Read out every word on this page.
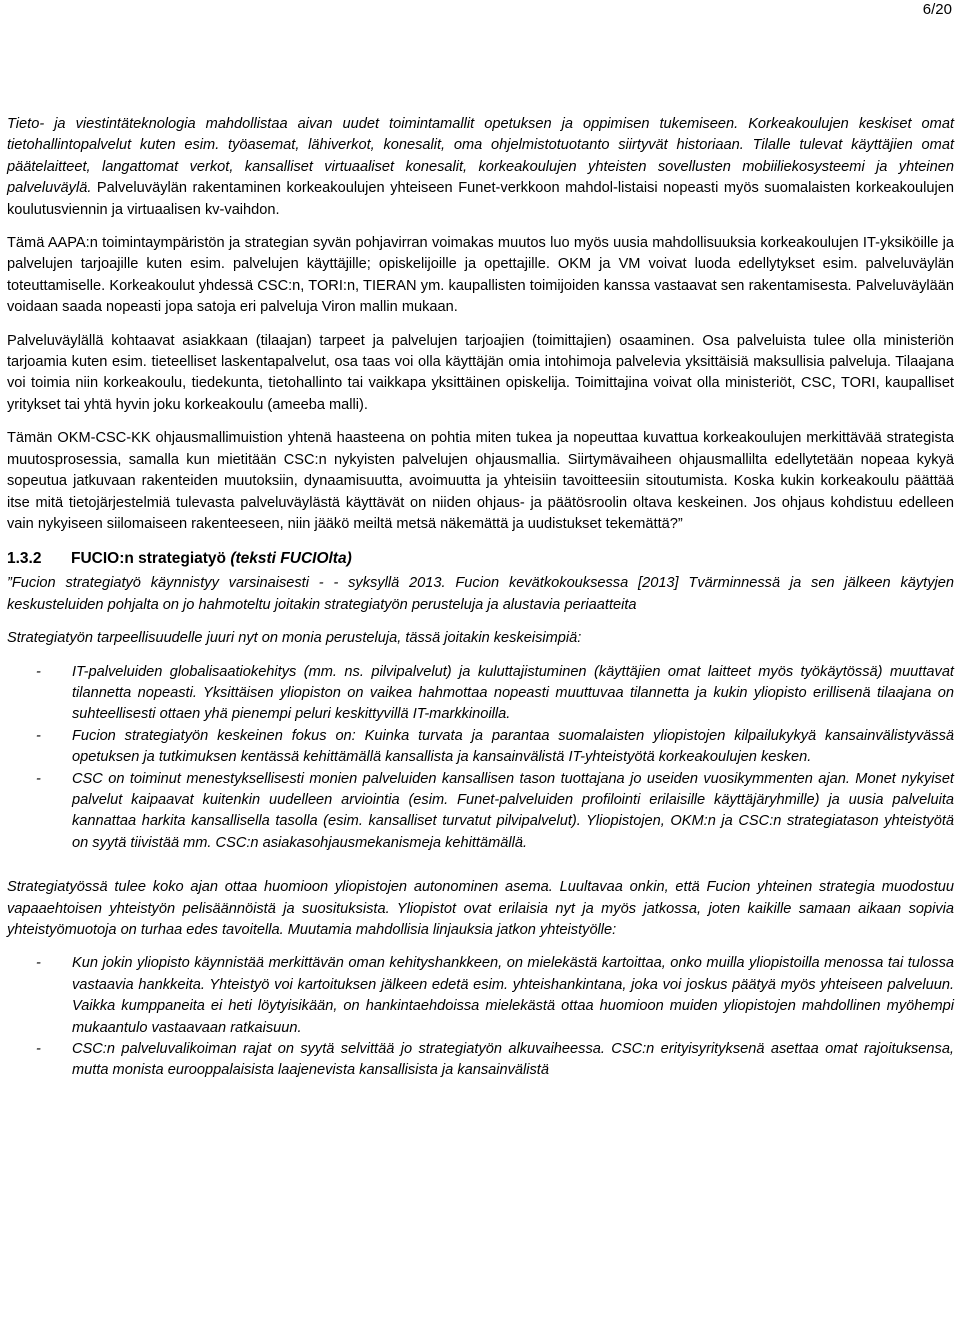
6/20

Tieto- ja viestintäteknologia mahdollistaa aivan uudet toimintamallit opetuksen ja oppimisen tukemiseen. Korkeakoulujen keskiset omat tietohallintopalvelut kuten esim. työasemat, lähiverkot, konesalit, oma ohjelmistotuotanto siirtyvät historiaan. Tilalle tulevat käyttäjien omat päätelaitteet, langattomat verkot, kansalliset virtuaaliset konesalit, korkeakoulujen yhteisten sovellusten mobiiliekosysteemi ja yhteinen palveluväylä. Palveluväylän rakentaminen korkeakoulujen yhteiseen Funet-verkkoon mahdol-listaisi nopeasti myös suomalaisten korkeakoulujen koulutusviennin ja virtuaalisen kv-vaihdon.

Tämä AAPA:n toimintaympäristön ja strategian syvän pohjavirran voimakas muutos luo myös uusia mahdollisuuksia korkeakoulujen IT-yksiköille ja palvelujen tarjoajille kuten esim. palvelujen käyttäjille; opiskelijoille ja opettajille. OKM ja VM voivat luoda edellytykset esim. palveluväylän toteuttamiselle. Korkeakoulut yhdessä CSC:n, TORI:n, TIERAN ym. kaupallisten toimijoiden kanssa vastaavat sen rakentamisesta. Palveluväylään voidaan saada nopeasti jopa satoja eri palveluja Viron mallin mukaan.

Palveluväylällä kohtaavat asiakkaan (tilaajan) tarpeet ja palvelujen tarjoajien (toimittajien) osaaminen. Osa palveluista tulee olla ministeriön tarjoamia kuten esim. tieteelliset laskentapalvelut, osa taas voi olla käyttäjän omia intohimoja palvelevia yksittäisiä maksullisia palveluja. Tilaajana voi toimia niin korkeakoulu, tiedekunta, tietohallinto tai vaikkapa yksittäinen opiskelija. Toimittajina voivat olla ministeriöt, CSC, TORI, kaupalliset yritykset tai yhtä hyvin joku korkeakoulu (ameeba malli).

Tämän OKM-CSC-KK ohjausmallimuistion yhtenä haasteena on pohtia miten tukea ja nopeuttaa kuvattua korkeakoulujen merkittävää strategista muutosprosessia, samalla kun mietitään CSC:n nykyisten palvelujen ohjausmallia. Siirtymävaiheen ohjausmallilta edellytetään nopeaa kykyä sopeutua jatkuvaan rakenteiden muutoksiin, dynaamisuutta, avoimuutta ja yhteisiin tavoitteesiin sitoutumista. Koska kukin korkeakoulu päättää itse mitä tietojärjestelmiä tulevasta palveluväylästä käyttävät on niiden ohjaus- ja päätösroolin oltava keskeinen. Jos ohjaus kohdistuu edelleen vain nykyiseen siilomaiseen rakenteeseen, niin jääkö meiltä metsä näkemättä ja uudistukset tekemättä?”

1.3.2 FUCIO:n strategiatyö (teksti FUCIOlta)

”Fucion strategiatyö käynnistyy varsinaisesti - - syksyllä 2013. Fucion kevätkokouksessa [2013] Tvärminnessä ja sen jälkeen käytyjen keskusteluiden pohjalta on jo hahmoteltu joitakin strategiatyön perusteluja ja alustavia periaatteita

Strategiatyön tarpeellisuudelle juuri nyt on monia perusteluja, tässä joitakin keskeisimpiä:

- IT-palveluiden globalisaatiokehitys (mm. ns. pilvipalvelut) ja kuluttajistuminen (käyttäjien omat laitteet myös työkäytössä) muuttavat tilannetta nopeasti. Yksittäisen yliopiston on vaikea hahmottaa nopeasti muuttuvaa tilannetta ja kukin yliopisto erillisenä tilaajana on suhteellisesti ottaen yhä pienempi peluri keskittyvillä IT-markkinoilla.
- Fucion strategiatyön keskeinen fokus on: Kuinka turvata ja parantaa suomalaisten yliopistojen kilpailukykyä kansainvälistyvässä opetuksen ja tutkimuksen kentässä kehittämällä kansallista ja kansainvälistä IT-yhteistyötä korkeakoulujen kesken.
- CSC on toiminut menestyksellisesti monien palveluiden kansallisen tason tuottajana jo useiden vuosikymmenten ajan. Monet nykyiset palvelut kaipaavat kuitenkin uudelleen arviointia (esim. Funet-palveluiden profilointi erilaisille käyttäjäryhmille) ja uusia palveluita kannattaa harkita kansallisella tasolla (esim. kansalliset turvatut pilvipalvelut). Yliopistojen, OKM:n ja CSC:n strategiatason yhteistyötä on syytä tiivistää mm. CSC:n asiakasohjausmekanismeja kehittämällä.

Strategiatyössä tulee koko ajan ottaa huomioon yliopistojen autonominen asema. Luultavaa onkin, että Fucion yhteinen strategia muodostuu vapaaehtoisen yhteistyön pelisäännöistä ja suosituksista. Yliopistot ovat erilaisia nyt ja myös jatkossa, joten kaikille samaan aikaan sopivia yhteistyömuotoja on turhaa edes tavoitella. Muutamia mahdollisia linjauksia jatkon yhteistyölle:

- Kun jokin yliopisto käynnistää merkittävän oman kehityshankkeen, on mielekästä kartoittaa, onko muilla yliopistoilla menossa tai tulossa vastaavia hankkeita. Yhteistyö voi kartoituksen jälkeen edetä esim. yhteishankintana, joka voi joskus päätyä myös yhteiseen palveluun. Vaikka kumppaneita ei heti löytyisikään, on hankintaehdoissa mielekästä ottaa huomioon muiden yliopistojen mahdollinen myöhempi mukaantulo vastaavaan ratkaisuun.
- CSC:n palveluvalikoiman rajat on syytä selvittää jo strategiatyön alkuvaiheessa. CSC:n erityisyrityksenä asettaa omat rajoituksensa, mutta monista eurooppalaisista laajenevista kansallisista ja kansainvälistä
